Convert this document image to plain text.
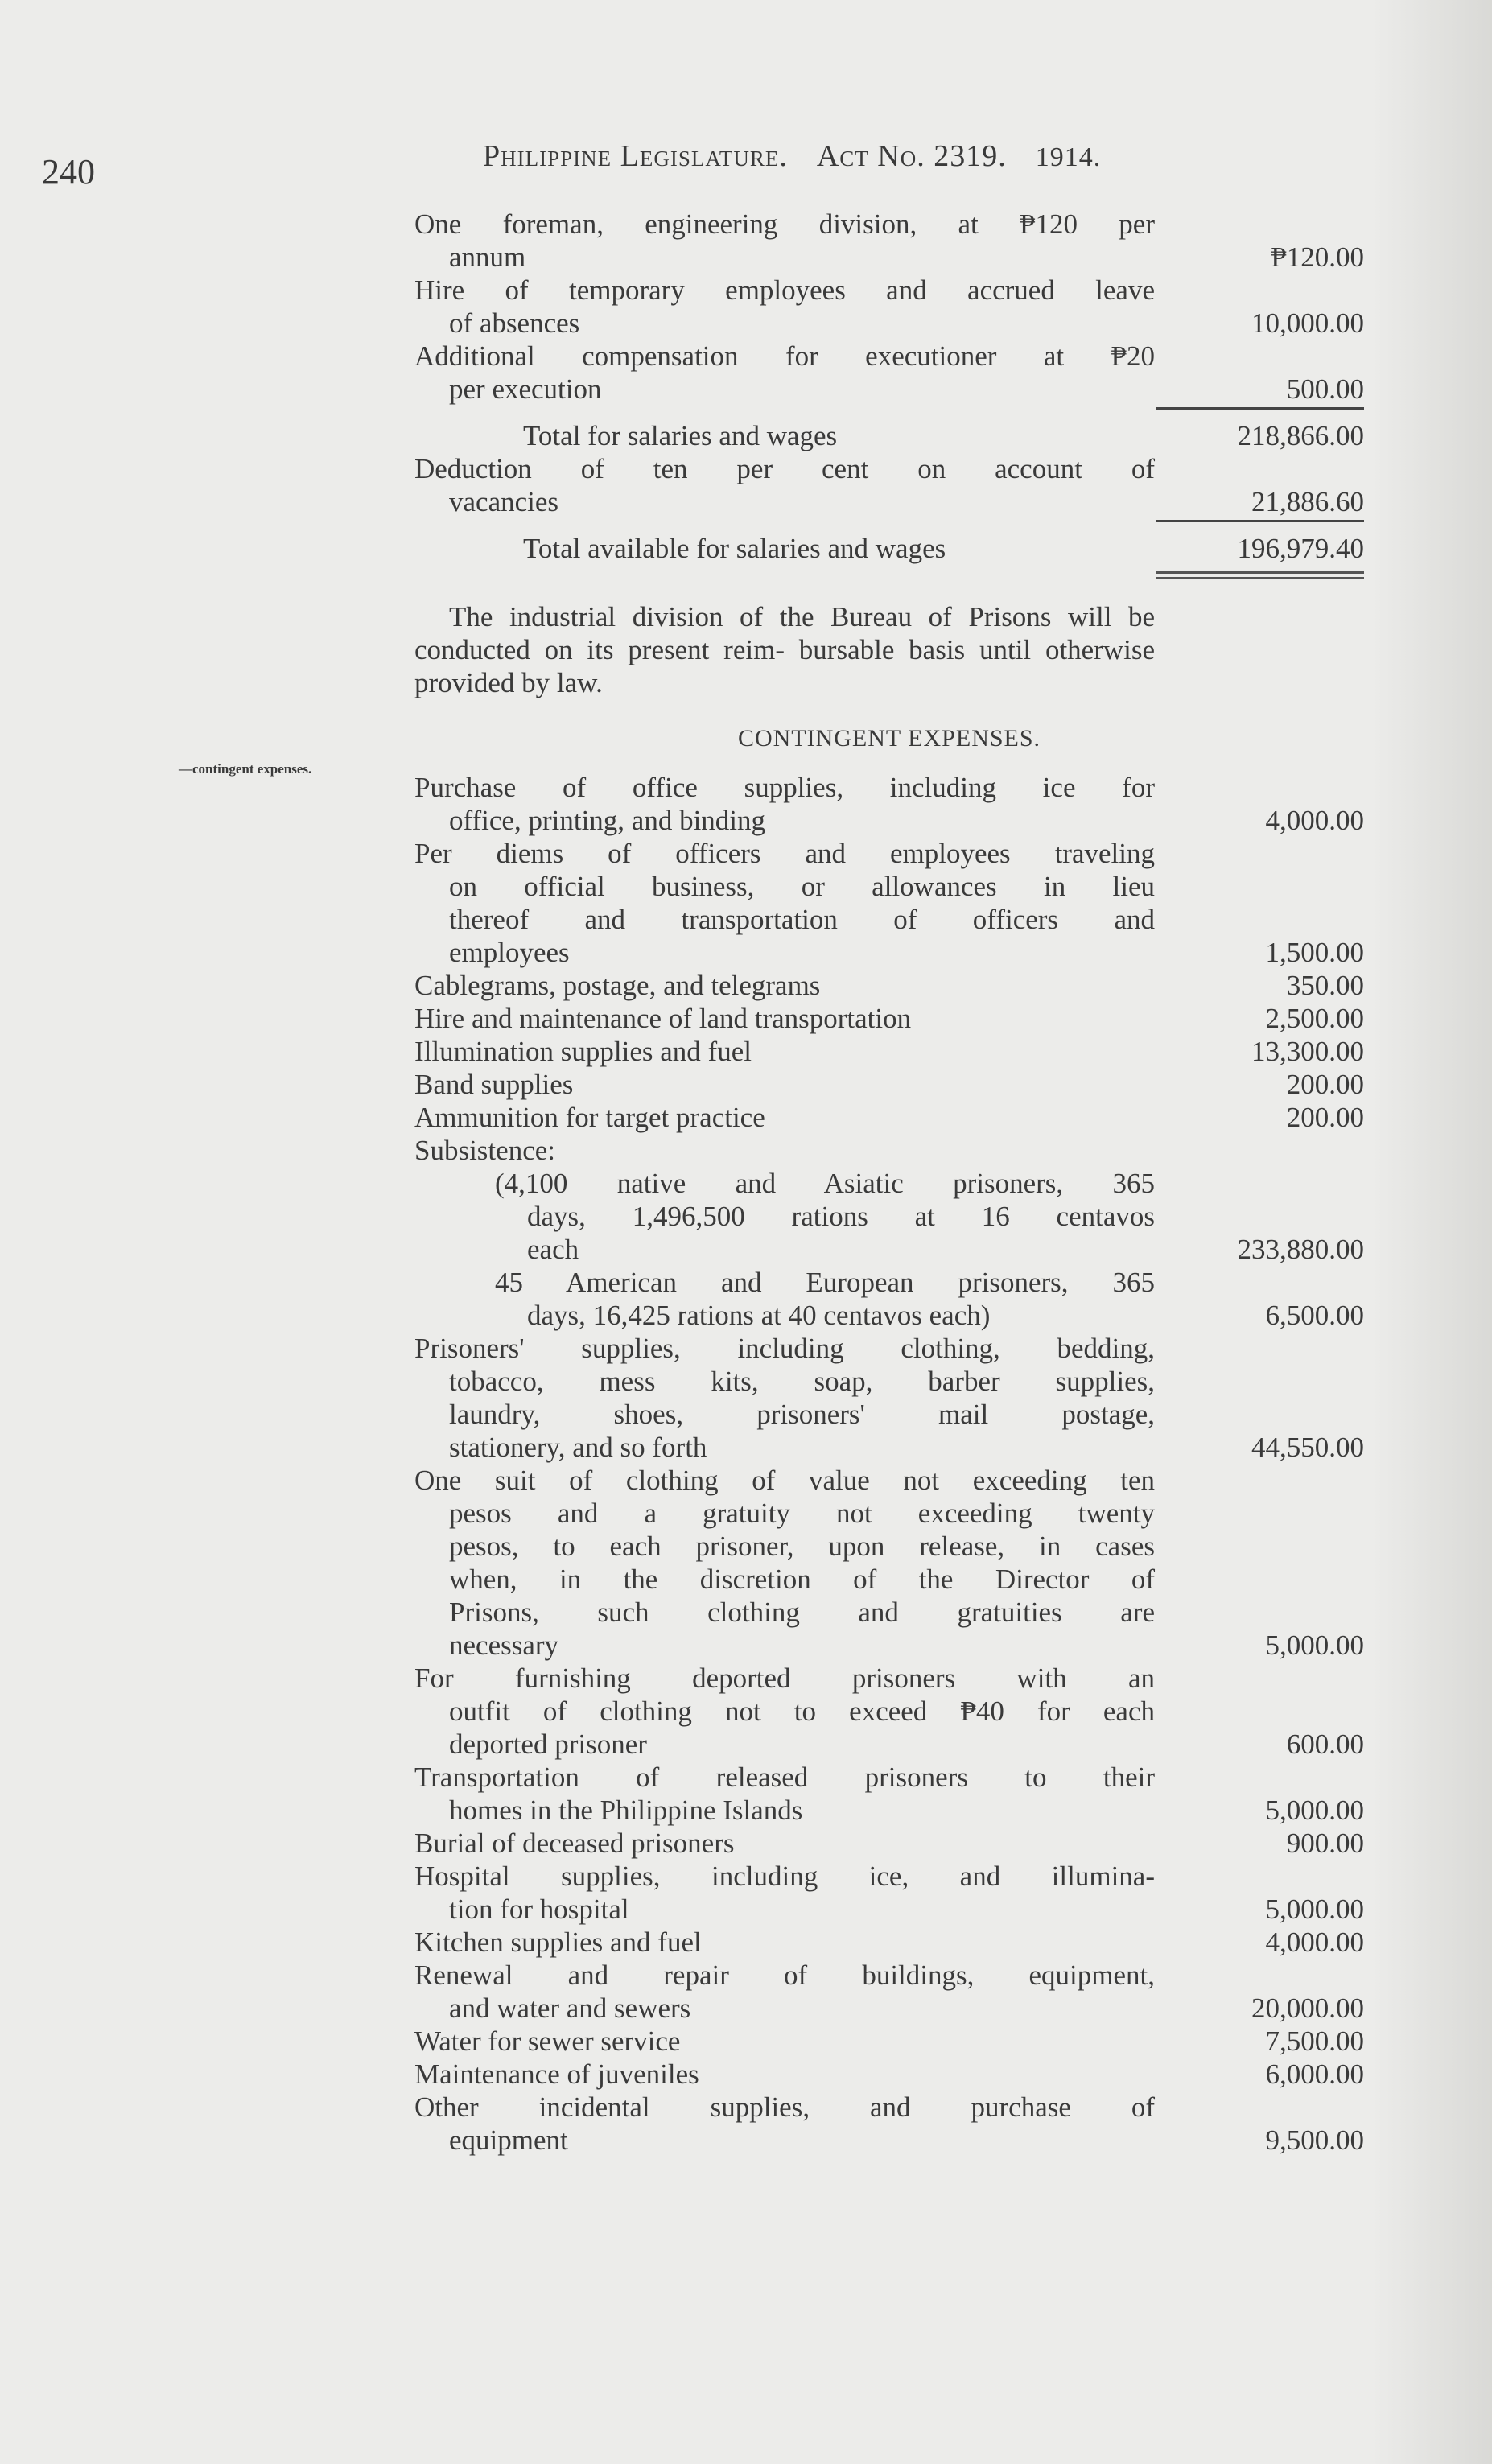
240	Philippine Legislature. Act No. 2319. 1914.
—contingent expenses.
One foreman, engineering division, at ₱120 per
annum	₱120.00
Hire of temporary employees and accrued leave
of absences	10,000.00
Additional compensation for executioner at ₱20
per execution	500.00
Total for salaries and wages	218,866.00
Deduction of ten per cent on account of
vacancies	21,886.60
Total available for salaries and wages	196,979.40
The industrial division of the Bureau of Prisons will be conducted on its present reim- bursable basis until otherwise provided by law.
CONTINGENT EXPENSES.
Purchase of office supplies, including ice for
office, printing, and binding	4,000.00
Per diems of officers and employees traveling
on official business, or allowances in lieu
thereof and transportation of officers and
employees	1,500.00
Cablegrams, postage, and telegrams	350.00
Hire and maintenance of land transportation	2,500.00
Illumination supplies and fuel	13,300.00
Band supplies	200.00
Ammunition for target practice	200.00
Subsistence:
(4,100 native and Asiatic prisoners, 365
days, 1,496,500 rations at 16 centavos
each	233,880.00
45 American and European prisoners, 365
days, 16,425 rations at 40 centavos each)	6,500.00
Prisoners' supplies, including clothing, bedding,
tobacco, mess kits, soap, barber supplies,
laundry, shoes, prisoners' mail postage,
stationery, and so forth	44,550.00
One suit of clothing of value not exceeding ten
pesos and a gratuity not exceeding twenty
pesos, to each prisoner, upon release, in cases
when, in the discretion of the Director of
Prisons, such clothing and gratuities are
necessary	5,000.00
For furnishing deported prisoners with an
outfit of clothing not to exceed ₱40 for each
deported prisoner	600.00
Transportation of released prisoners to their
homes in the Philippine Islands	5,000.00
Burial of deceased prisoners	900.00
Hospital supplies, including ice, and illumina-
tion for hospital	5,000.00
Kitchen supplies and fuel	4,000.00
Renewal and repair of buildings, equipment,
and water and sewers	20,000.00
Water for sewer service	7,500.00
Maintenance of juveniles	6,000.00
Other incidental supplies, and purchase of
equipment	9,500.00
